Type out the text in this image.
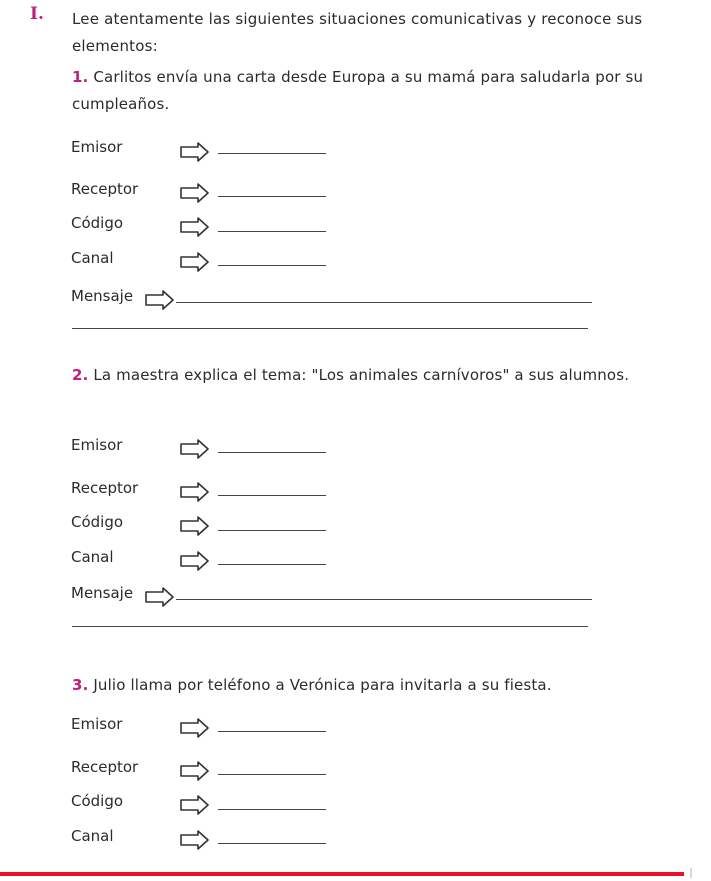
I. Lee atentamente las siguientes situaciones comunicativas y reconoce sus elementos:
1. Carlitos envía una carta desde Europa a su mamá para saludarla por su cumpleaños.
2. La maestra explica el tema: "Los animales carnívoros" a sus alumnos.
3. Julio llama por teléfono a Verónica para invitarla a su fiesta.
Emisor
Receptor
Código
Canal
Mensaje
Emisor
Receptor
Código
Canal
Mensaje
Emisor
Receptor
Código
Canal
